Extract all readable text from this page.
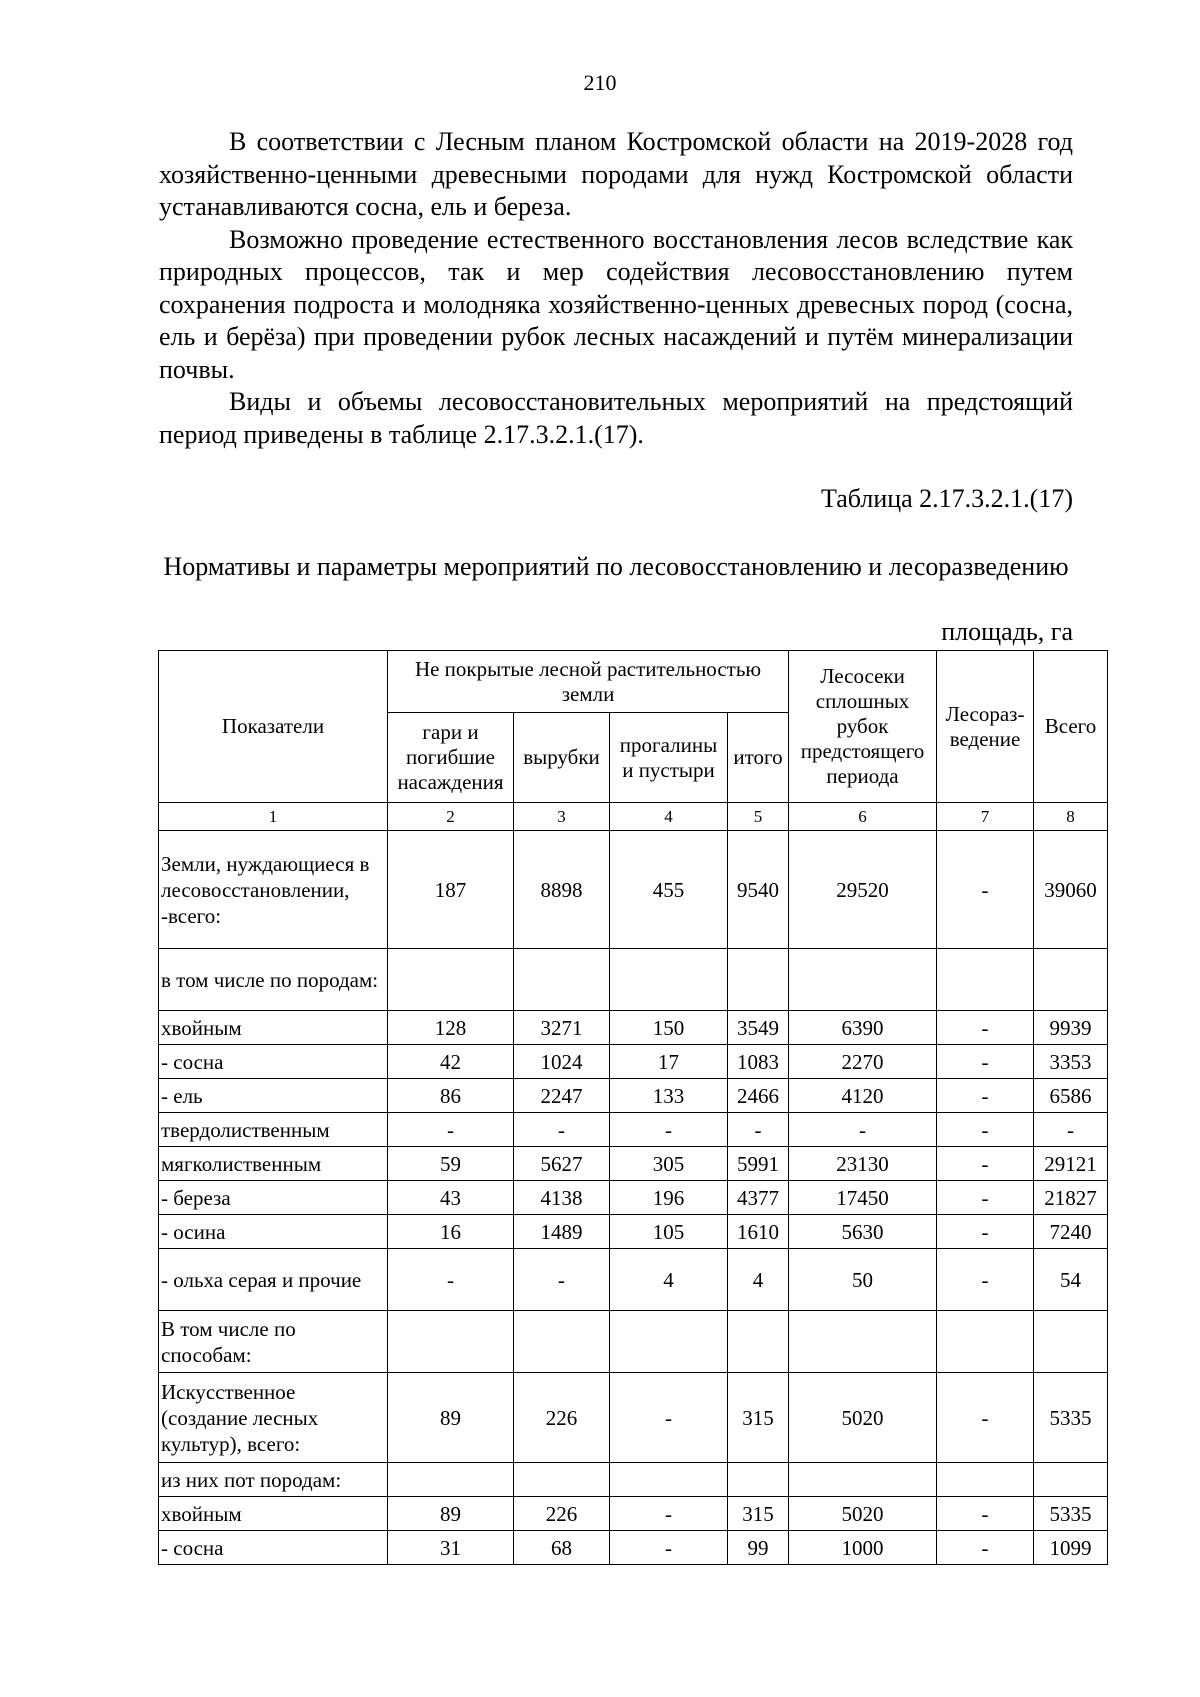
210

В соответствии с Лесным планом Костромской области на 2019-2028 год хозяйственно-ценными древесными породами для нужд Костромской области устанавливаются сосна, ель и береза.

Возможно проведение естественного восстановления лесов вследствие как природных процессов, так и мер содействия лесовосстановлению путем сохранения подроста и молодняка хозяйственно-ценных древесных пород (сосна, ель и берёза) при проведении рубок лесных насаждений и путём минерализации почвы.

Виды и объемы лесовосстановительных мероприятий на предстоящий период приведены в таблице 2.17.3.2.1.(17).

Таблица 2.17.3.2.1.(17)
Нормативы и параметры мероприятий по лесовосстановлению и лесоразведению
площадь, га
Показатели	Не покрытые лесной растительностью земли				Лесосеки сплошных рубок предстоящего периода	Лесораз-ведение	Всего
	гари и погибшие насаждения	вырубки	прогалины и пустыри	итого			
1	2	3	4	5	6	7	8
Земли, нуждающиеся в лесовосстановлении, -всего:	187	8898	455	9540	29520	-	39060
в том числе по породам:							
хвойным	128	3271	150	3549	6390	-	9939
- сосна	42	1024	17	1083	2270	-	3353
- ель	86	2247	133	2466	4120	-	6586
твердолиственным	-	-	-	-	-	-	-
мягколиственным	59	5627	305	5991	23130	-	29121
- береза	43	4138	196	4377	17450	-	21827
- осина	16	1489	105	1610	5630	-	7240
- ольха серая и прочие	-	-	4	4	50	-	54
В том числе по способам:							
Искусственное (создание лесных культур), всего:	89	226	-	315	5020	-	5335
из них пот породам:							
хвойным	89	226	-	315	5020	-	5335
- сосна	31	68	-	99	1000	-	1099
